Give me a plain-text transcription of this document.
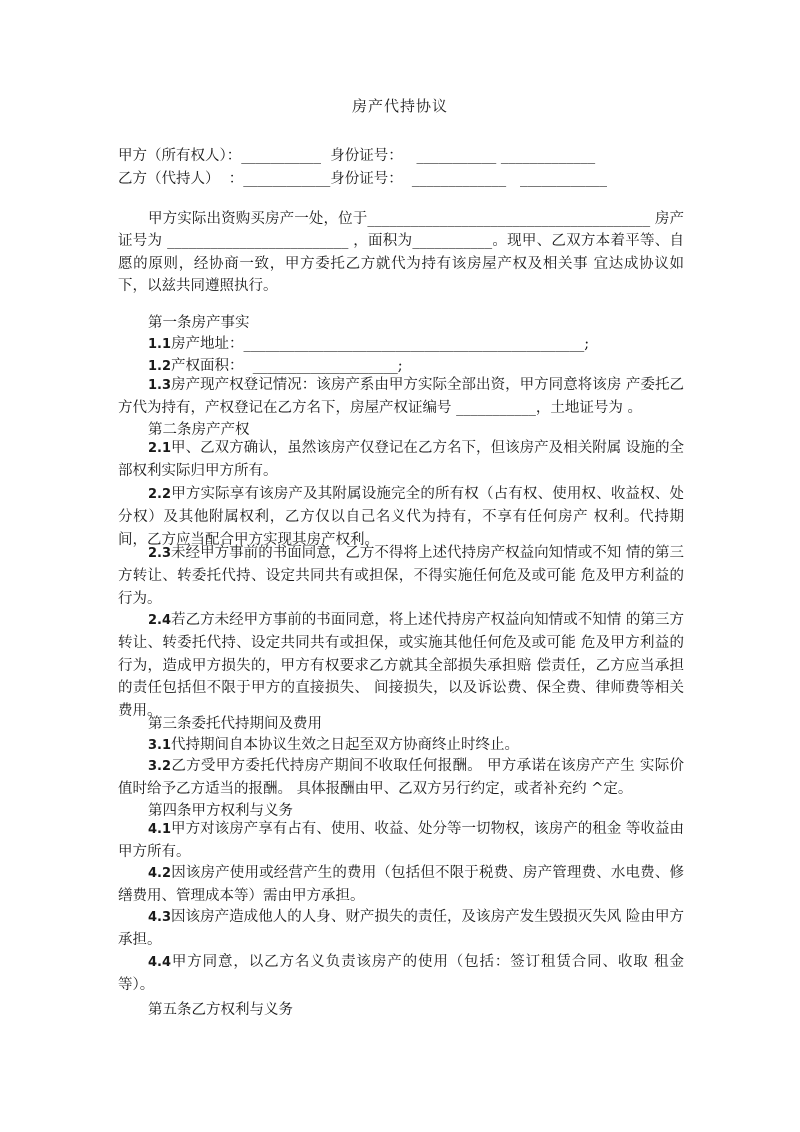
房产代持协议
甲方（所有权人）：___________  身份证号：   ___________ _____________
乙方（代持人）  ：____________身份证号：  _____________   ____________
甲方实际出资购买房产一处，位于_______________________________________ 房产证号为 _________________________ ，面积为___________。现甲、乙双方本着平等、自愿的原则，经协商一致，甲方委托乙方就代为持有该房屋产权及相关事 宜达成协议如下，以兹共同遵照执行。
第一条房产事实
1.1房产地址：_______________________________________________;
1.2产权面积：  ____________________;
1.3房产现产权登记情况：该房产系由甲方实际全部出资，甲方同意将该房 产委托乙方代为持有，产权登记在乙方名下，房屋产权证编号 ___________，土地证号为 。
第二条房产产权
2.1甲、乙双方确认，虽然该房产仅登记在乙方名下，但该房产及相关附属 设施的全部权利实际归甲方所有。
2.2甲方实际享有该房产及其附属设施完全的所有权（占有权、使用权、收益权、处分权）及其他附属权利，乙方仅以自己名义代为持有，不享有任何房产 权利。代持期间，乙方应当配合甲方实现其房产权利。
2.3未经甲方事前的书面同意，乙方不得将上述代持房产权益向知情或不知 情的第三方转让、转委托代持、设定共同共有或担保，不得实施任何危及或可能 危及甲方利益的行为。
2.4若乙方未经甲方事前的书面同意，将上述代持房产权益向知情或不知情 的第三方转让、转委托代持、设定共同共有或担保，或实施其他任何危及或可能 危及甲方利益的行为，造成甲方损失的，甲方有权要求乙方就其全部损失承担赔 偿责任，乙方应当承担的责任包括但不限于甲方的直接损失、 间接损失，以及诉讼费、保全费、律师费等相关费用。
第三条委托代持期间及费用
3.1代持期间自本协议生效之日起至双方协商终止时终止。
3.2乙方受甲方委托代持房产期间不收取任何报酬。 甲方承诺在该房产产生 实际价值时给予乙方适当的报酬。 具体报酬由甲、乙双方另行约定，或者补充约 ^定。
第四条甲方权利与义务
4.1甲方对该房产享有占有、使用、收益、处分等一切物权，该房产的租金 等收益由甲方所有。
4.2因该房产使用或经营产生的费用（包括但不限于税费、房产管理费、水电费、修缮费用、管理成本等）需由甲方承担。
4.3因该房产造成他人的人身、财产损失的责任，及该房产发生毁损灭失风 险由甲方承担。
4.4甲方同意，以乙方名义负责该房产的使用（包括：签订租赁合同、收取 租金等）。
第五条乙方权利与义务
